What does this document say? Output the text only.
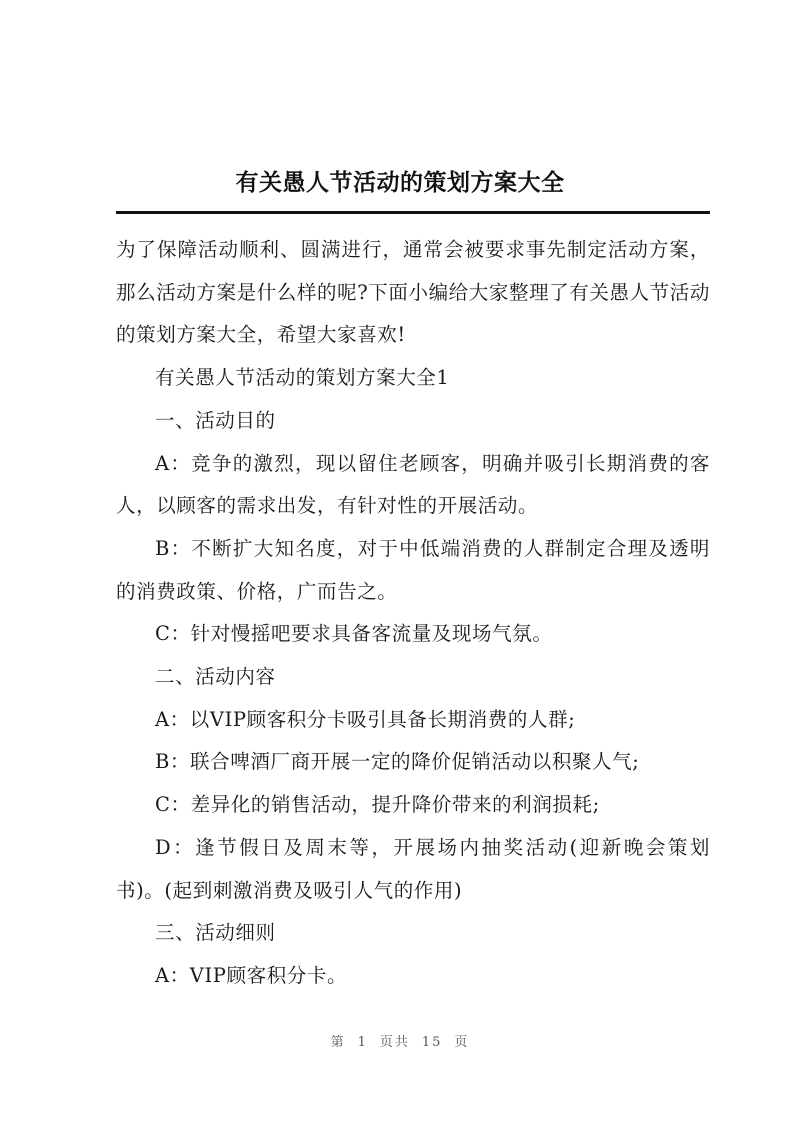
有关愚人节活动的策划方案大全

为了保障活动顺利、圆满进行，通常会被要求事先制定活动方案，那么活动方案是什么样的呢?下面小编给大家整理了有关愚人节活动的策划方案大全，希望大家喜欢!

有关愚人节活动的策划方案大全1

一、活动目的

A：竞争的激烈，现以留住老顾客，明确并吸引长期消费的客人，以顾客的需求出发，有针对性的开展活动。

B：不断扩大知名度，对于中低端消费的人群制定合理及透明的消费政策、价格，广而告之。

C：针对慢摇吧要求具备客流量及现场气氛。

二、活动内容

A：以VIP顾客积分卡吸引具备长期消费的人群;

B：联合啤酒厂商开展一定的降价促销活动以积聚人气;

C：差异化的销售活动，提升降价带来的利润损耗;

D：逢节假日及周末等，开展场内抽奖活动(迎新晚会策划书)。(起到刺激消费及吸引人气的作用)

三、活动细则

A：VIP顾客积分卡。

第 1 页共 15 页
